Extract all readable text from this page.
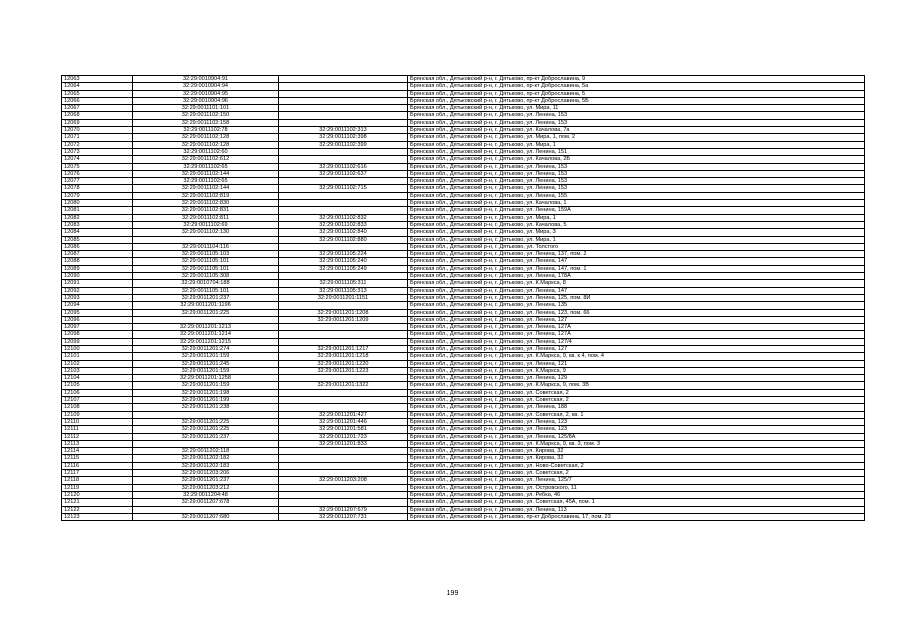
12063	32:29:0010904:91		Брянская обл., Дятьковский р-н, г. Дятьково, пр-кт Доброславина, 9
12064	32:29:0010904:94		Брянская обл., Дятьковский р-н, г. Дятьково, пр-кт Доброславина, 5а
12065	32:29:0010904:95		Брянская обл., Дятьковский р-н, г. Дятьково, пр-кт Доброславина, 5
12066	32:29:0010904:96		Брянская обл., Дятьковский р-н, г. Дятьково, пр-кт Доброславина, 5Б
12067	32:29:0011101:101		Брянская обл., Дятьковский р-н, г. Дятьково, ул. Мира, 11
12068	32:29:0011102:150		Брянская обл., Дятьковский р-н, г. Дятьково, ул. Ленина, 153
12069	32:29:0011102:158		Брянская обл., Дятьковский р-н, г. Дятьково, ул. Ленина, 153
12070	32:29:0011102:78	32:29:0011102:313	Брянская обл., Дятьковский р-н, г. Дятьково, ул. Качалова, 7а
12071	32:29:0011102:128	32:29:0011102:398	Брянская обл., Дятьковский р-н, г. Дятьково, ул. Мира, 1, пом. 2
12072	32:29:0011102:128	32:29:0011102:399	Брянская обл., Дятьковский р-н, г. Дятьково, ул. Мира, 1
12073	32:29:0011102:60		Брянская обл., Дятьковский р-н, г. Дятьково, ул. Ленина, 151
12074	32:29:0011102:612		Брянская обл., Дятьковский р-н, г. Дятьково, ул. Качалова, 2Б
12075	32:29:0011102:65	32:29:0011102:616	Брянская обл., Дятьковский р-н, г. Дятьково, ул. Ленина, 153
12076	32:29:0011102:144	32:29:0011102:637	Брянская обл., Дятьковский р-н, г. Дятьково, ул. Ленина, 153
12077	32:29:0011102:65		Брянская обл., Дятьковский р-н, г. Дятьково, ул. Ленина, 153
12078	32:29:0011102:144	32:29:0011102:715	Брянская обл., Дятьковский р-н, г. Дятьково, ул. Ленина, 153
12079	32:29:0011102:819		Брянская обл., Дятьковский р-н, г. Дятьково, ул. Ленина, 155
12080	32:29:0011102:830		Брянская обл., Дятьковский р-н, г. Дятьково, ул. Качалова, 1
12081	32:29:0011102:831		Брянская обл., Дятьковский р-н, г. Дятьково, ул. Ленина, 159А
12082	32:29:0011102:811	32:29:0011102:832	Брянская обл., Дятьковский р-н, г. Дятьково, ул. Мира, 1
12083	32:29:0011102:69	32:29:0011102:833	Брянская обл., Дятьковский р-н, г. Дятьково, ул. Качалова, 5
12084	32:29:0011102:130	32:29:0011102:840	Брянская обл., Дятьковский р-н, г. Дятьково, ул. Мира, 3
12085		32:29:0011102:880	Брянская обл., Дятьковский р-н, г. Дятьково, ул. Мира, 1
12086	32:29:0011104:116		Брянская обл., Дятьковский р-н, г. Дятьково, ул. Толстого
12087	32:29:0011105:103	32:29:0011105:224	Брянская обл., Дятьковский р-н, г. Дятьково, ул. Ленина, 137, пом. 2
12088	32:29:0011105:101	32:29:0011105:240	Брянская обл., Дятьковский р-н, г. Дятьково, ул. Ленина, 147
12089	32:29:0011105:101	32:29:0011105:249	Брянская обл., Дятьковский р-н, г. Дятьково, ул. Ленина, 147, пом. 1
12090	32:29:0011105:308		Брянская обл., Дятьковский р-н, г. Дятьково, ул. Ленина, 178А
12091	32:29:0010704:188	32:29:0011105:311	Брянская обл., Дятьковский р-н, г. Дятьково, ул. К.Маркса, 8
12092	32:29:0011105:101	32:29:0011105:313	Брянская обл., Дятьковский р-н, г. Дятьково, ул. Ленина, 147
12093	32:29:0011201:237	32:29:0011201:1151	Брянская обл., Дятьковский р-н, г. Дятьково, ул. Ленина, 125, пом. 8И
12094	32:29:0011201:1196		Брянская обл., Дятьковский р-н, г. Дятьково, ул. Ленина, 135
12095	32:29:0011201:225	32:29:0011201:1208	Брянская обл., Дятьковский р-н, г. Дятьково, ул. Ленина, 123, пом. 66
12096		32:29:0011201:1209	Брянская обл., Дятьковский р-н, г. Дятьково, ул. Ленина, 127
12097	32:29:0011201:1213		Брянская обл., Дятьковский р-н, г. Дятьково, ул. Ленина, 127А
12098	32:29:0011201:1214		Брянская обл., Дятьковский р-н, г. Дятьково, ул. Ленина, 127А
12099	32:29:0011201:1215		Брянская обл., Дятьковский р-н, г. Дятьково, ул. Ленина, 127/4
12100	32:29:0011201:274	32:29:0011201:1217	Брянская обл., Дятьковский р-н, г. Дятьково, ул. Ленина, 127
12101	32:29:0011201:159	32:29:0011201:1218	Брянская обл., Дятьковский р-н, г. Дятьково, ул. К.Маркса, 9, кв. к 4, пом. 4
12102	32:29:0011201:245	32:29:0011201:1220	Брянская обл., Дятьковский р-н, г. Дятьково, ул. Ленина, 121
12103	32:29:0011201:159	32:29:0011201:1223	Брянская обл., Дятьковский р-н, г. Дятьково, ул. К.Маркса, 9
12104	32:29:0011201:1258		Брянская обл., Дятьковский р-н, г. Дятьково, ул. Ленина, 129
12105	32:29:0011201:159	32:29:0011201:1322	Брянская обл., Дятьковский р-н, г. Дятьково, ул. К.Маркса, 9, пом. 3В
12106	32:29:0011201:198		Брянская обл., Дятьковский р-н, г. Дятьково, ул. Советская, 2
12107	32:29:0011201:199		Брянская обл., Дятьковский р-н, г. Дятьково, ул. Советская, 2
12108	32:29:0011201:238		Брянская обл., Дятьковский р-н, г. Дятьково, ул. Ленина, 188
12109		32:29:0011201:427	Брянская обл., Дятьковский р-н, г. Дятьково, ул. Советская, 2, кв. 1
12110	32:29:0011201:225	32:29:0011201:446	Брянская обл., Дятьковский р-н, г. Дятьково, ул. Ленина, 123
12111	32:29:0011201:225	32:29:0011201:581	Брянская обл., Дятьковский р-н, г. Дятьково, ул. Ленина, 123
12112	32:29:0011201:237	32:29:0011201:723	Брянская обл., Дятьковский р-н, г. Дятьково, ул. Ленина, 125/8А
12113		32:29:0011201:833	Брянская обл., Дятьковский р-н, г. Дятьково, ул. К.Маркса, 9, кв. 3, пом. 3
12114	32:29:0011202:118		Брянская обл., Дятьковский р-н, г. Дятьково, ул. Кирова, 32
12115	32:29:0011202:182		Брянская обл., Дятьковский р-н, г. Дятьково, ул. Кирова, 32
12116	32:29:0011202:183		Брянская обл., Дятьковский р-н, г. Дятьково, ул. Ново-Советская, 2
12117	32:29:0011203:206		Брянская обл., Дятьковский р-н, г. Дятьково, ул. Советская, 2
12118	32:29:0011201:237	32:29:0011203:208	Брянская обл., Дятьковский р-н, г. Дятьково, ул. Ленина, 125/7
12119	32:29:0011203:212		Брянская обл., Дятьковский р-н, г. Дятьково, ул. Островского, 11
12120	32:29:0011204:48		Брянская обл., Дятьковский р-н, г. Дятьково, ул. Ребка, 46
12121	32:29:0011207:678		Брянская обл., Дятьковский р-н, г. Дятьково, ул. Советская, 45А, пом. 1
12122		32:29:0011207:679	Брянская обл., Дятьковский р-н, г. Дятьково, ул. Ленина, 113
12123	32:29:0011207:680	32:29:0011207:731	Брянская обл., Дятьковский р-н, г. Дятьково, пр-кт Доброславина, 17, пом. 23
199
